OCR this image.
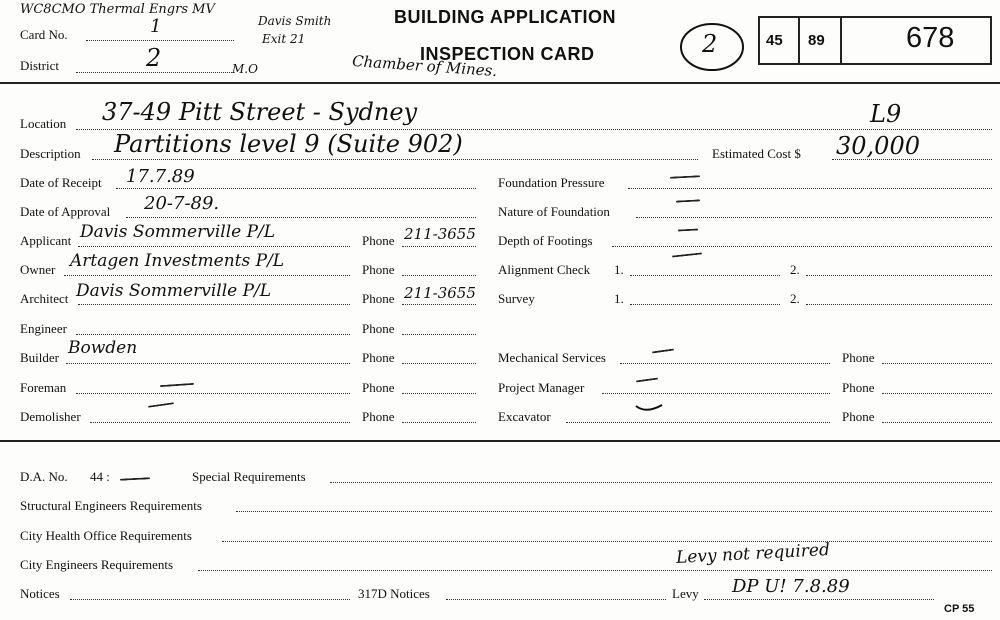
WC8CMO Thermal Engrs MV
Davis Smith
Exit 21
Card No.	1
District	2	M.O	Chamber of Mines.
BUILDING APPLICATION
INSPECTION CARD	2	45 89	678
Location 37-49 Pitt Street - Sydney	L9
Description Partitions level 9 (Suite 902)	Estimated Cost $ 30,000
Date of Receipt 17.7.89
Date of Approval 20-7-89.
Applicant Davis Sommerville P/L	Phone 211-3655
Owner Artagen Investments P/L	Phone
Architect Davis Sommerville P/L	Phone 211-3655
Engineer	Phone
Builder Bowden	Phone
Foreman	Phone
Demolisher	Phone
Foundation Pressure
Nature of Foundation
Depth of Footings
Alignment Check 1.	2.
Survey	1.	2.
Mechanical Services	Phone
Project Manager	Phone
Excavator	Phone
D.A. No. 44 :	Special Requirements
Structural Engineers Requirements
City Health Office Requirements
City Engineers Requirements	Levy not required
Notices	317D Notices	Levy DP U! 7.8.89
CP 55
